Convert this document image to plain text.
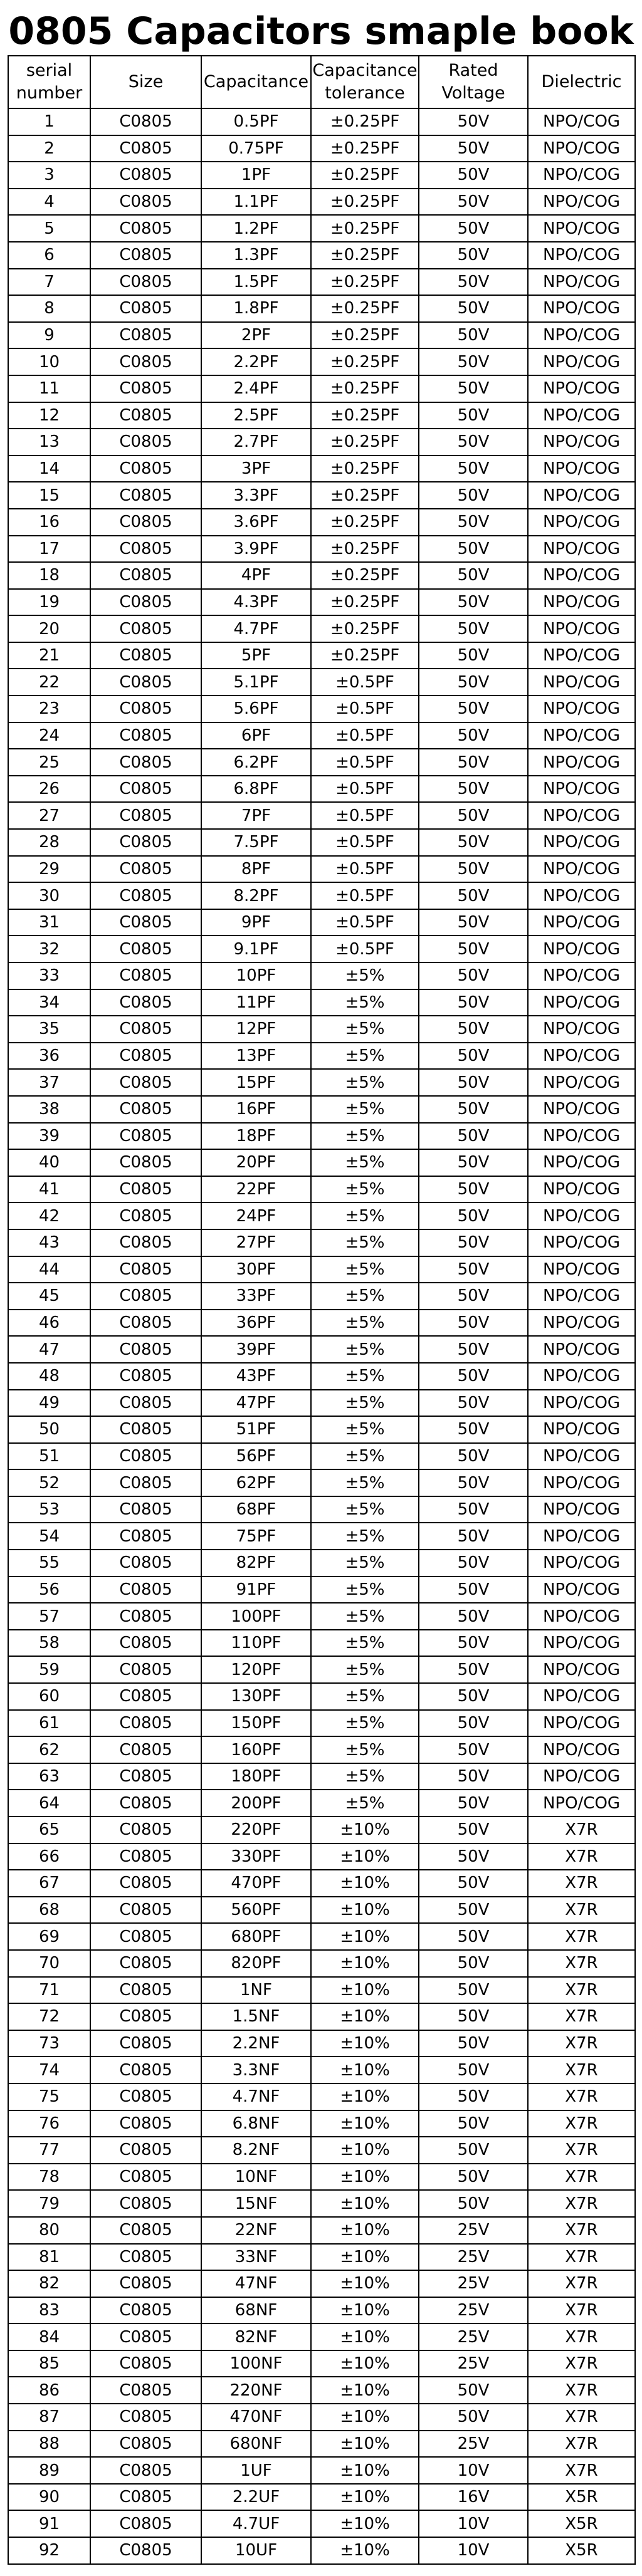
0805 Capacitors smaple book
serial number	Size	Capacitance	Capacitance tolerance	Rated Voltage	Dielectric
1	C0805	0.5PF	±0.25PF	50V	NPO/COG
2	C0805	0.75PF	±0.25PF	50V	NPO/COG
3	C0805	1PF	±0.25PF	50V	NPO/COG
4	C0805	1.1PF	±0.25PF	50V	NPO/COG
5	C0805	1.2PF	±0.25PF	50V	NPO/COG
6	C0805	1.3PF	±0.25PF	50V	NPO/COG
7	C0805	1.5PF	±0.25PF	50V	NPO/COG
8	C0805	1.8PF	±0.25PF	50V	NPO/COG
9	C0805	2PF	±0.25PF	50V	NPO/COG
10	C0805	2.2PF	±0.25PF	50V	NPO/COG
11	C0805	2.4PF	±0.25PF	50V	NPO/COG
12	C0805	2.5PF	±0.25PF	50V	NPO/COG
13	C0805	2.7PF	±0.25PF	50V	NPO/COG
14	C0805	3PF	±0.25PF	50V	NPO/COG
15	C0805	3.3PF	±0.25PF	50V	NPO/COG
16	C0805	3.6PF	±0.25PF	50V	NPO/COG
17	C0805	3.9PF	±0.25PF	50V	NPO/COG
18	C0805	4PF	±0.25PF	50V	NPO/COG
19	C0805	4.3PF	±0.25PF	50V	NPO/COG
20	C0805	4.7PF	±0.25PF	50V	NPO/COG
21	C0805	5PF	±0.25PF	50V	NPO/COG
22	C0805	5.1PF	±0.5PF	50V	NPO/COG
23	C0805	5.6PF	±0.5PF	50V	NPO/COG
24	C0805	6PF	±0.5PF	50V	NPO/COG
25	C0805	6.2PF	±0.5PF	50V	NPO/COG
26	C0805	6.8PF	±0.5PF	50V	NPO/COG
27	C0805	7PF	±0.5PF	50V	NPO/COG
28	C0805	7.5PF	±0.5PF	50V	NPO/COG
29	C0805	8PF	±0.5PF	50V	NPO/COG
30	C0805	8.2PF	±0.5PF	50V	NPO/COG
31	C0805	9PF	±0.5PF	50V	NPO/COG
32	C0805	9.1PF	±0.5PF	50V	NPO/COG
33	C0805	10PF	±5%	50V	NPO/COG
34	C0805	11PF	±5%	50V	NPO/COG
35	C0805	12PF	±5%	50V	NPO/COG
36	C0805	13PF	±5%	50V	NPO/COG
37	C0805	15PF	±5%	50V	NPO/COG
38	C0805	16PF	±5%	50V	NPO/COG
39	C0805	18PF	±5%	50V	NPO/COG
40	C0805	20PF	±5%	50V	NPO/COG
41	C0805	22PF	±5%	50V	NPO/COG
42	C0805	24PF	±5%	50V	NPO/COG
43	C0805	27PF	±5%	50V	NPO/COG
44	C0805	30PF	±5%	50V	NPO/COG
45	C0805	33PF	±5%	50V	NPO/COG
46	C0805	36PF	±5%	50V	NPO/COG
47	C0805	39PF	±5%	50V	NPO/COG
48	C0805	43PF	±5%	50V	NPO/COG
49	C0805	47PF	±5%	50V	NPO/COG
50	C0805	51PF	±5%	50V	NPO/COG
51	C0805	56PF	±5%	50V	NPO/COG
52	C0805	62PF	±5%	50V	NPO/COG
53	C0805	68PF	±5%	50V	NPO/COG
54	C0805	75PF	±5%	50V	NPO/COG
55	C0805	82PF	±5%	50V	NPO/COG
56	C0805	91PF	±5%	50V	NPO/COG
57	C0805	100PF	±5%	50V	NPO/COG
58	C0805	110PF	±5%	50V	NPO/COG
59	C0805	120PF	±5%	50V	NPO/COG
60	C0805	130PF	±5%	50V	NPO/COG
61	C0805	150PF	±5%	50V	NPO/COG
62	C0805	160PF	±5%	50V	NPO/COG
63	C0805	180PF	±5%	50V	NPO/COG
64	C0805	200PF	±5%	50V	NPO/COG
65	C0805	220PF	±10%	50V	X7R
66	C0805	330PF	±10%	50V	X7R
67	C0805	470PF	±10%	50V	X7R
68	C0805	560PF	±10%	50V	X7R
69	C0805	680PF	±10%	50V	X7R
70	C0805	820PF	±10%	50V	X7R
71	C0805	1NF	±10%	50V	X7R
72	C0805	1.5NF	±10%	50V	X7R
73	C0805	2.2NF	±10%	50V	X7R
74	C0805	3.3NF	±10%	50V	X7R
75	C0805	4.7NF	±10%	50V	X7R
76	C0805	6.8NF	±10%	50V	X7R
77	C0805	8.2NF	±10%	50V	X7R
78	C0805	10NF	±10%	50V	X7R
79	C0805	15NF	±10%	50V	X7R
80	C0805	22NF	±10%	25V	X7R
81	C0805	33NF	±10%	25V	X7R
82	C0805	47NF	±10%	25V	X7R
83	C0805	68NF	±10%	25V	X7R
84	C0805	82NF	±10%	25V	X7R
85	C0805	100NF	±10%	25V	X7R
86	C0805	220NF	±10%	50V	X7R
87	C0805	470NF	±10%	50V	X7R
88	C0805	680NF	±10%	25V	X7R
89	C0805	1UF	±10%	10V	X7R
90	C0805	2.2UF	±10%	16V	X5R
91	C0805	4.7UF	±10%	10V	X5R
92	C0805	10UF	±10%	10V	X5R
